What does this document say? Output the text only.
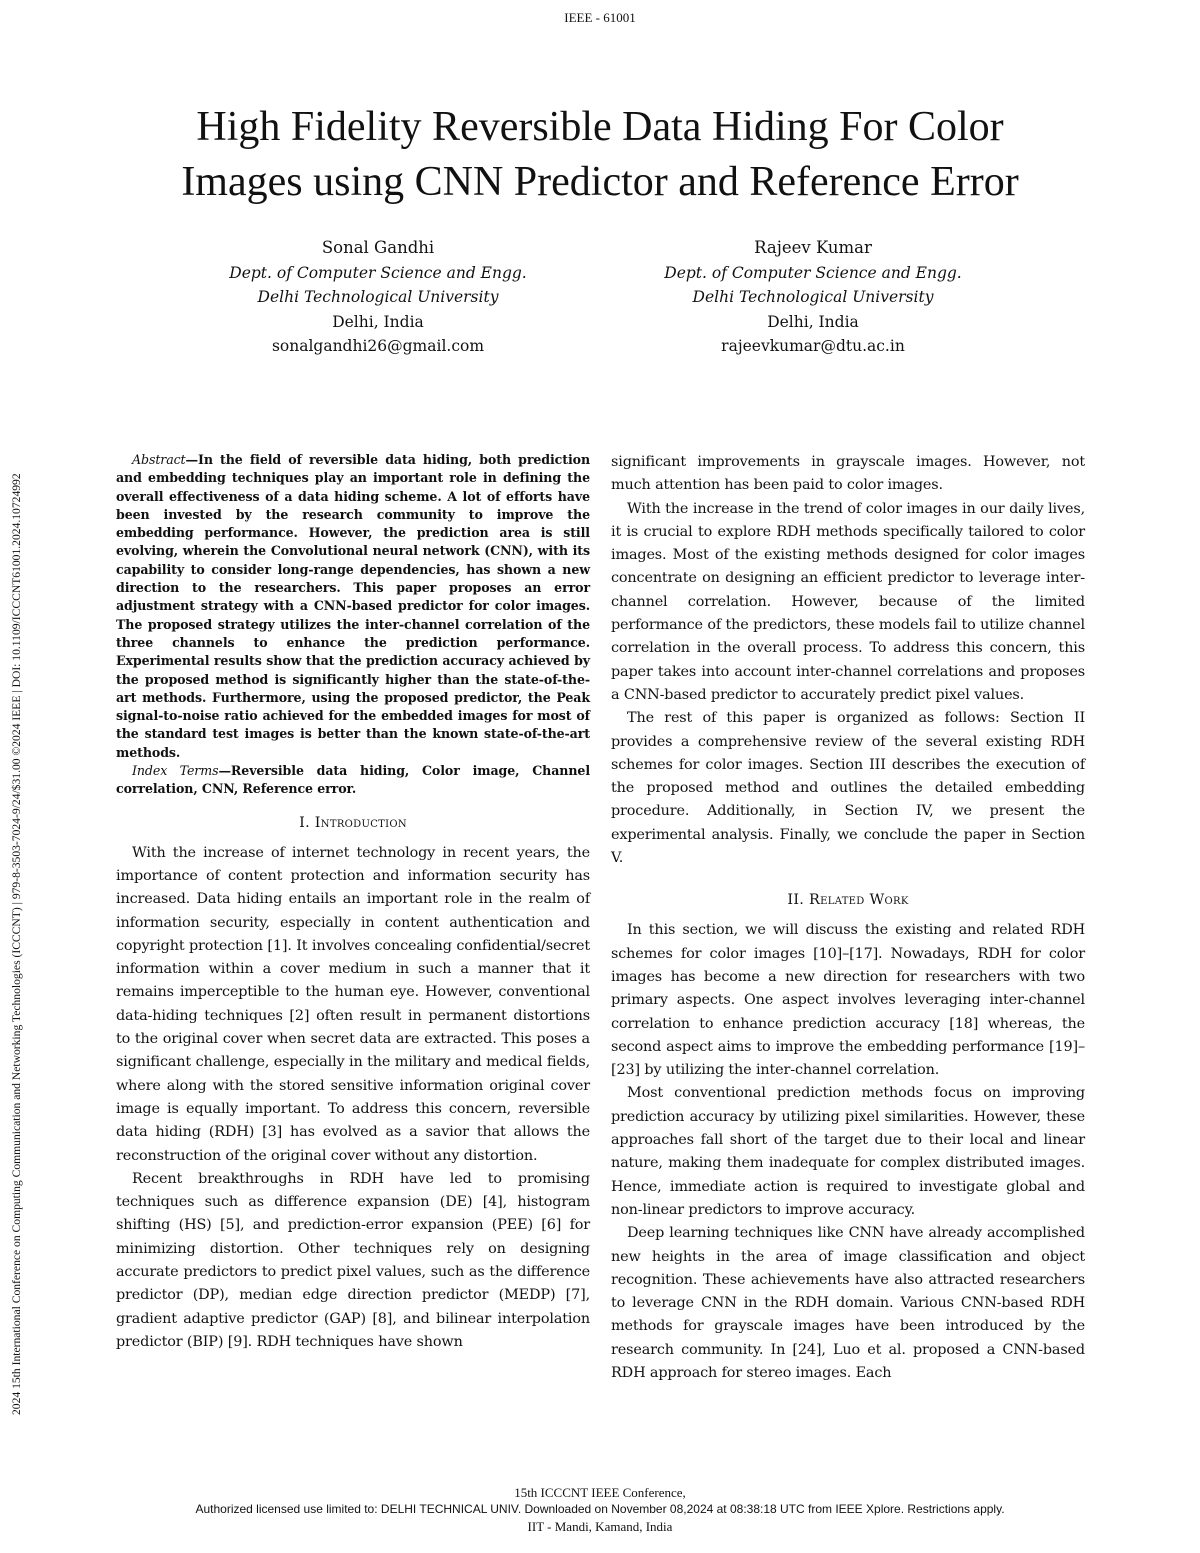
IEEE - 61001
2024 15th International Conference on Computing Communication and Networking Technologies (ICCCNT) | 979-8-3503-7024-9/24/$31.00 ©2024 IEEE | DOI: 10.1109/ICCCNT61001.2024.10724992
High Fidelity Reversible Data Hiding For Color
Images using CNN Predictor and Reference Error
Sonal Gandhi
Dept. of Computer Science and Engg.
Delhi Technological University
Delhi, India
sonalgandhi26@gmail.com
Rajeev Kumar
Dept. of Computer Science and Engg.
Delhi Technological University
Delhi, India
rajeevkumar@dtu.ac.in

Abstract—In the field of reversible data hiding, both prediction and embedding techniques play an important role in defining the overall effectiveness of a data hiding scheme. A lot of efforts have been invested by the research community to improve the embedding performance. However, the prediction area is still evolving, wherein the Convolutional neural network (CNN), with its capability to consider long-range dependencies, has shown a new direction to the researchers. This paper proposes an error adjustment strategy with a CNN-based predictor for color images. The proposed strategy utilizes the inter-channel correlation of the three channels to enhance the prediction performance. Experimental results show that the prediction accuracy achieved by the proposed method is significantly higher than the state-of-the-art methods. Furthermore, using the proposed predictor, the Peak signal-to-noise ratio achieved for the embedded images for most of the standard test images is better than the known state-of-the-art methods.

Index Terms—Reversible data hiding, Color image, Channel correlation, CNN, Reference error.

I. Introduction

With the increase of internet technology in recent years, the importance of content protection and information security has increased. Data hiding entails an important role in the realm of information security, especially in content authentication and copyright protection [1]. It involves concealing confidential/secret information within a cover medium in such a manner that it remains imperceptible to the human eye. However, conventional data-hiding techniques [2] often result in permanent distortions to the original cover when secret data are extracted. This poses a significant challenge, especially in the military and medical fields, where along with the stored sensitive information original cover image is equally important. To address this concern, reversible data hiding (RDH) [3] has evolved as a savior that allows the reconstruction of the original cover without any distortion.

Recent breakthroughs in RDH have led to promising techniques such as difference expansion (DE) [4], histogram shifting (HS) [5], and prediction-error expansion (PEE) [6] for minimizing distortion. Other techniques rely on designing accurate predictors to predict pixel values, such as the difference predictor (DP), median edge direction predictor (MEDP) [7], gradient adaptive predictor (GAP) [8], and bilinear interpolation predictor (BIP) [9]. RDH techniques have shown

significant improvements in grayscale images. However, not much attention has been paid to color images.

With the increase in the trend of color images in our daily lives, it is crucial to explore RDH methods specifically tailored to color images. Most of the existing methods designed for color images concentrate on designing an efficient predictor to leverage inter-channel correlation. However, because of the limited performance of the predictors, these models fail to utilize channel correlation in the overall process. To address this concern, this paper takes into account inter-channel correlations and proposes a CNN-based predictor to accurately predict pixel values.

The rest of this paper is organized as follows: Section II provides a comprehensive review of the several existing RDH schemes for color images. Section III describes the execution of the proposed method and outlines the detailed embedding procedure. Additionally, in Section IV, we present the experimental analysis. Finally, we conclude the paper in Section V.

II. Related Work

In this section, we will discuss the existing and related RDH schemes for color images [10]–[17]. Nowadays, RDH for color images has become a new direction for researchers with two primary aspects. One aspect involves leveraging inter-channel correlation to enhance prediction accuracy [18] whereas, the second aspect aims to improve the embedding performance [19]–[23] by utilizing the inter-channel correlation.

Most conventional prediction methods focus on improving prediction accuracy by utilizing pixel similarities. However, these approaches fall short of the target due to their local and linear nature, making them inadequate for complex distributed images. Hence, immediate action is required to investigate global and non-linear predictors to improve accuracy.

Deep learning techniques like CNN have already accomplished new heights in the area of image classification and object recognition. These achievements have also attracted researchers to leverage CNN in the RDH domain. Various CNN-based RDH methods for grayscale images have been introduced by the research community. In [24], Luo et al. proposed a CNN-based RDH approach for stereo images. Each

15th ICCCNT IEEE Conference,
Authorized licensed use limited to: DELHI TECHNICAL UNIV. Downloaded on November 08,2024 at 08:38:18 UTC from IEEE Xplore. Restrictions apply.
IIT - Mandi, Kamand, India
